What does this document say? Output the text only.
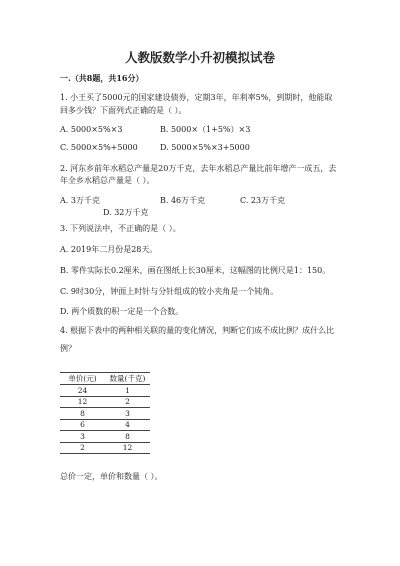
人教版数学小升初模拟试卷
一.（共8题，共16分）
1. 小王买了5000元的国家建设债券，定期3年，年利率5%，到期时，他能取
回多少钱？下面列式正确的是（ ）。
A. 5000×5%×3	B. 5000×（1+5%）×3
C. 5000×5%+5000	D. 5000×5%×3+5000
2. 河东乡前年水稻总产量是20万千克，去年水稻总产量比前年增产一成五，去
年全乡水稻总产量是（ ）。
A. 3万千克	B. 46万千克	C. 23万千克
D. 32万千克
3. 下列说法中，不正确的是（ ）。
A. 2019年二月份是28天。
B. 零件实际长0.2厘米，画在图纸上长30厘米，这幅图的比例尺是1：150。
C. 9时30分，钟面上时针与分针组成的较小夹角是一个钝角。
D. 两个质数的积一定是一个合数。
4. 根据下表中的两种相关联的量的变化情况，判断它们成不成比例？成什么比
例？
单价(元)	数量(千克)
24	1
12	2
8	3
6	4
3	8
2	12
总价一定，单价和数量（ ）。
